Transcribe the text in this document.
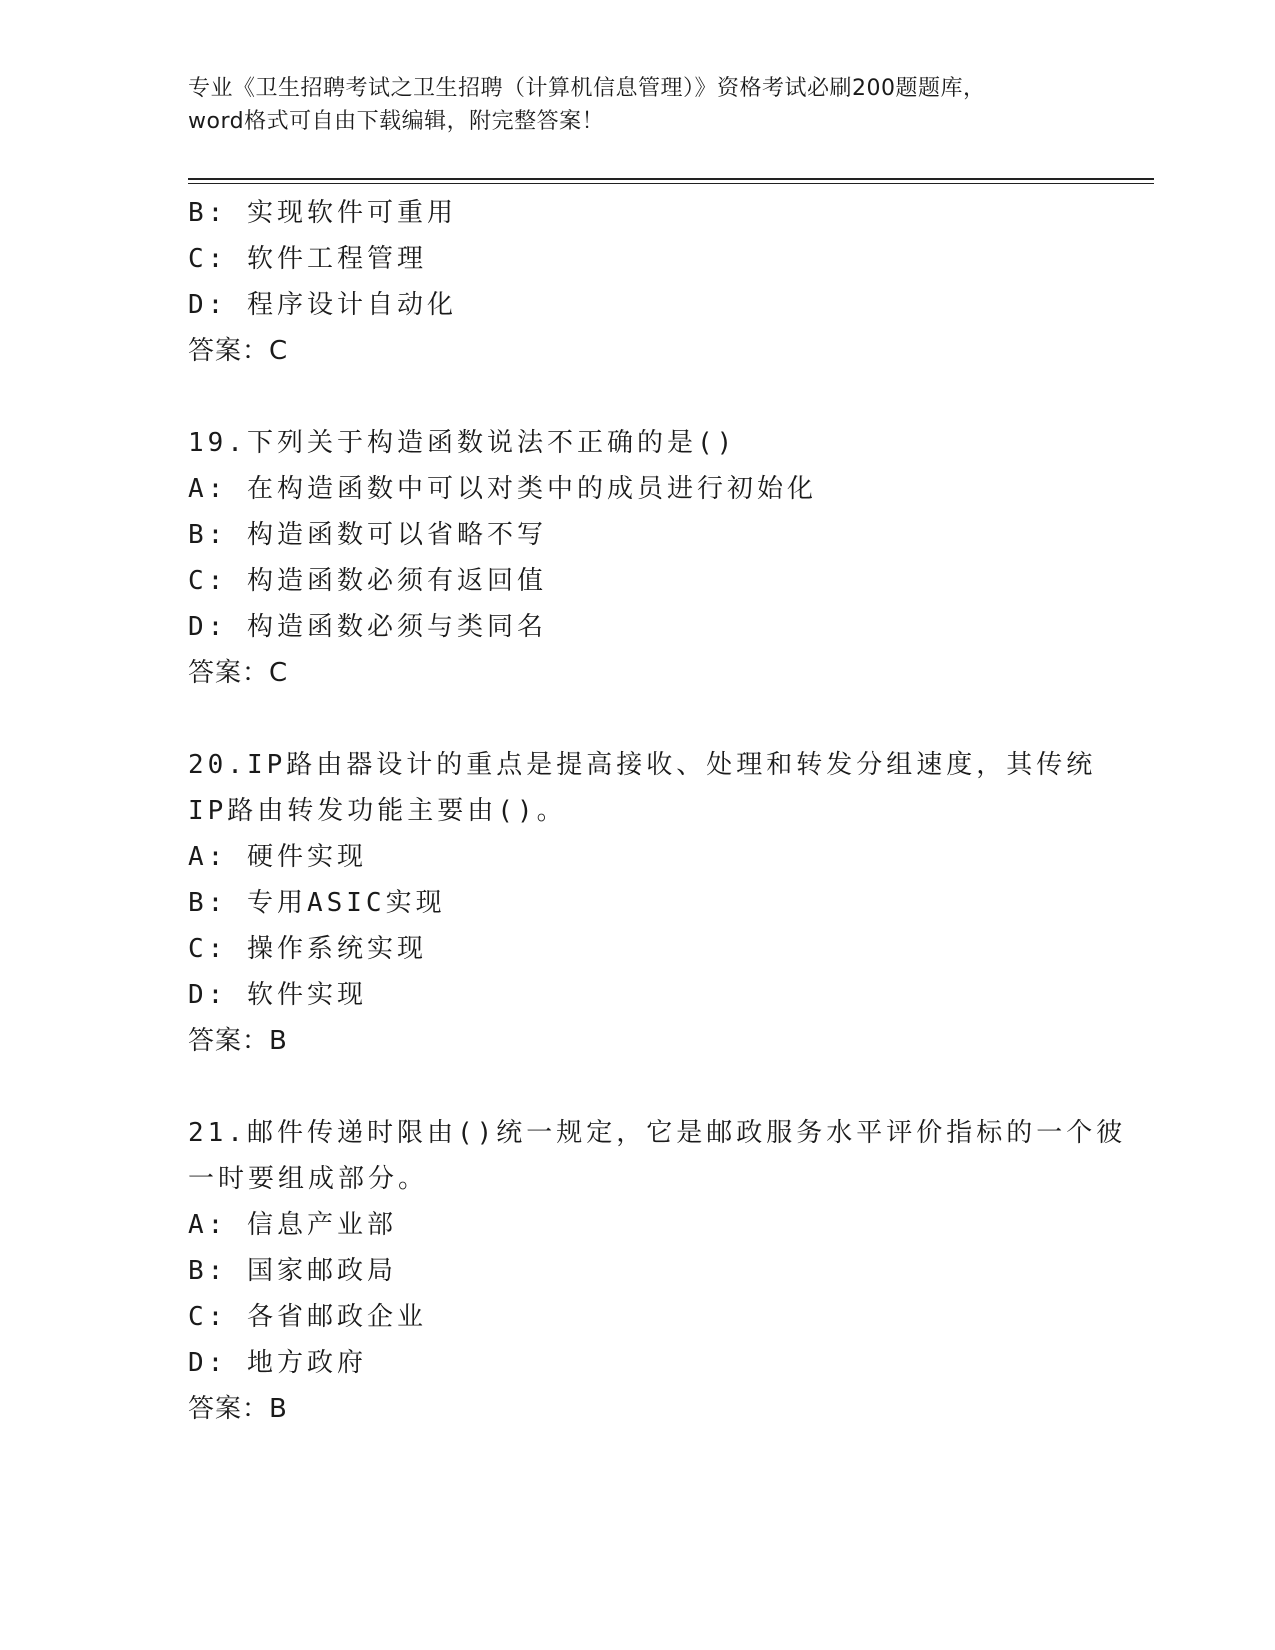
专业《卫生招聘考试之卫生招聘（计算机信息管理）》资格考试必刷200题题库，
word格式可自由下载编辑，附完整答案！
B: 实现软件可重用
C: 软件工程管理
D: 程序设计自动化
答案：C
19.下列关于构造函数说法不正确的是()
A: 在构造函数中可以对类中的成员进行初始化
B: 构造函数可以省略不写
C: 构造函数必须有返回值
D: 构造函数必须与类同名
答案：C
20.IP路由器设计的重点是提高接收、处理和转发分组速度，其传统
IP路由转发功能主要由()。
A: 硬件实现
B: 专用ASIC实现
C: 操作系统实现
D: 软件实现
答案：B
21.邮件传递时限由()统一规定，它是邮政服务水平评价指标的一个彼
一时要组成部分。
A: 信息产业部
B: 国家邮政局
C: 各省邮政企业
D: 地方政府
答案：B
